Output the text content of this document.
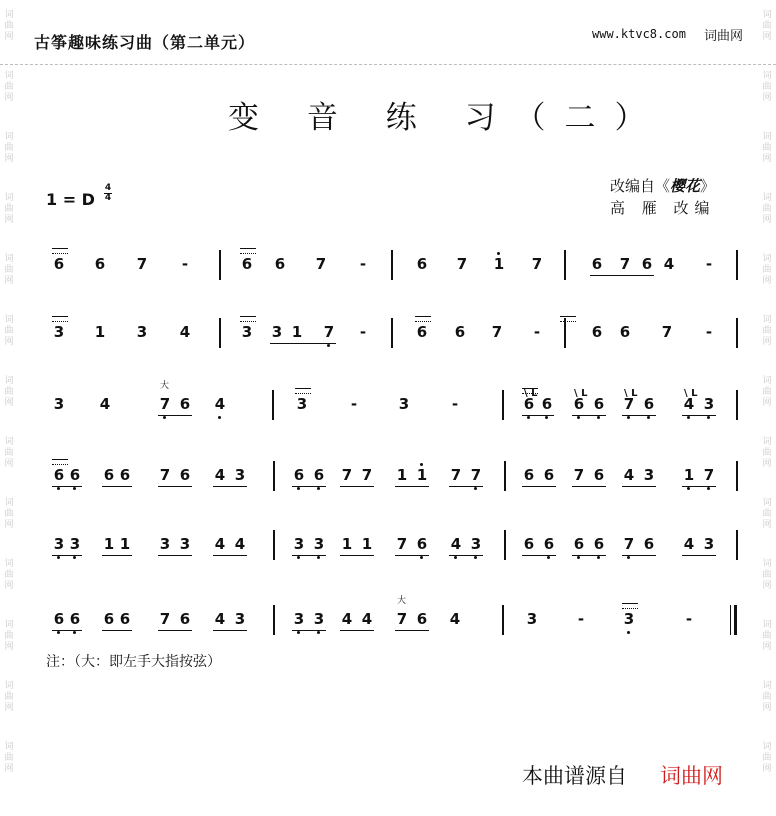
词
曲
网
词
曲
网
词
曲
网
词
曲
网
词
曲
网
词
曲
网
词
曲
网
词
曲
网
词
曲
网
词
曲
网
词
曲
网
词
曲
网
词
曲
网
词
曲
网
词
曲
网
词
曲
网
词
曲
网
词
曲
网
词
曲
网
词
曲
网
词
曲
网
词
曲
网
词
曲
网
词
曲
网
词
曲
网
词
曲
网
古筝趣味练习曲（第二单元）	www.ktvc8.com 词曲网
变 音 练 习（二）
1 = D
4
4
改编自《樱花》
高 雁 改编
6 6 7 -	6 6 7 -	6 7 1 7	6 7 6 4 -
3 1 3 4	3 3 1 7 -	6 6 7 -	6 6 7 -
3 4	7 6 4	3	-	3	-	6 6 6 6 7 6 4 3
大
\ L	\ L	\ L	\ L
6 6 6 6 7 6 4 3	6 6 7 7 1 1 7 7	6 6 7 6 4 3 1 7
3 3 1 1 3 3 4 4	3 3 1 1 7 6 4 3	6 6 6 6 7 6 4 3
6 6 6 6 7 6 4 3	3 3 4 4 7 6 4	3	-	3	-
大
注：（大：即左手大指按弦）
本曲谱源自 词曲网
